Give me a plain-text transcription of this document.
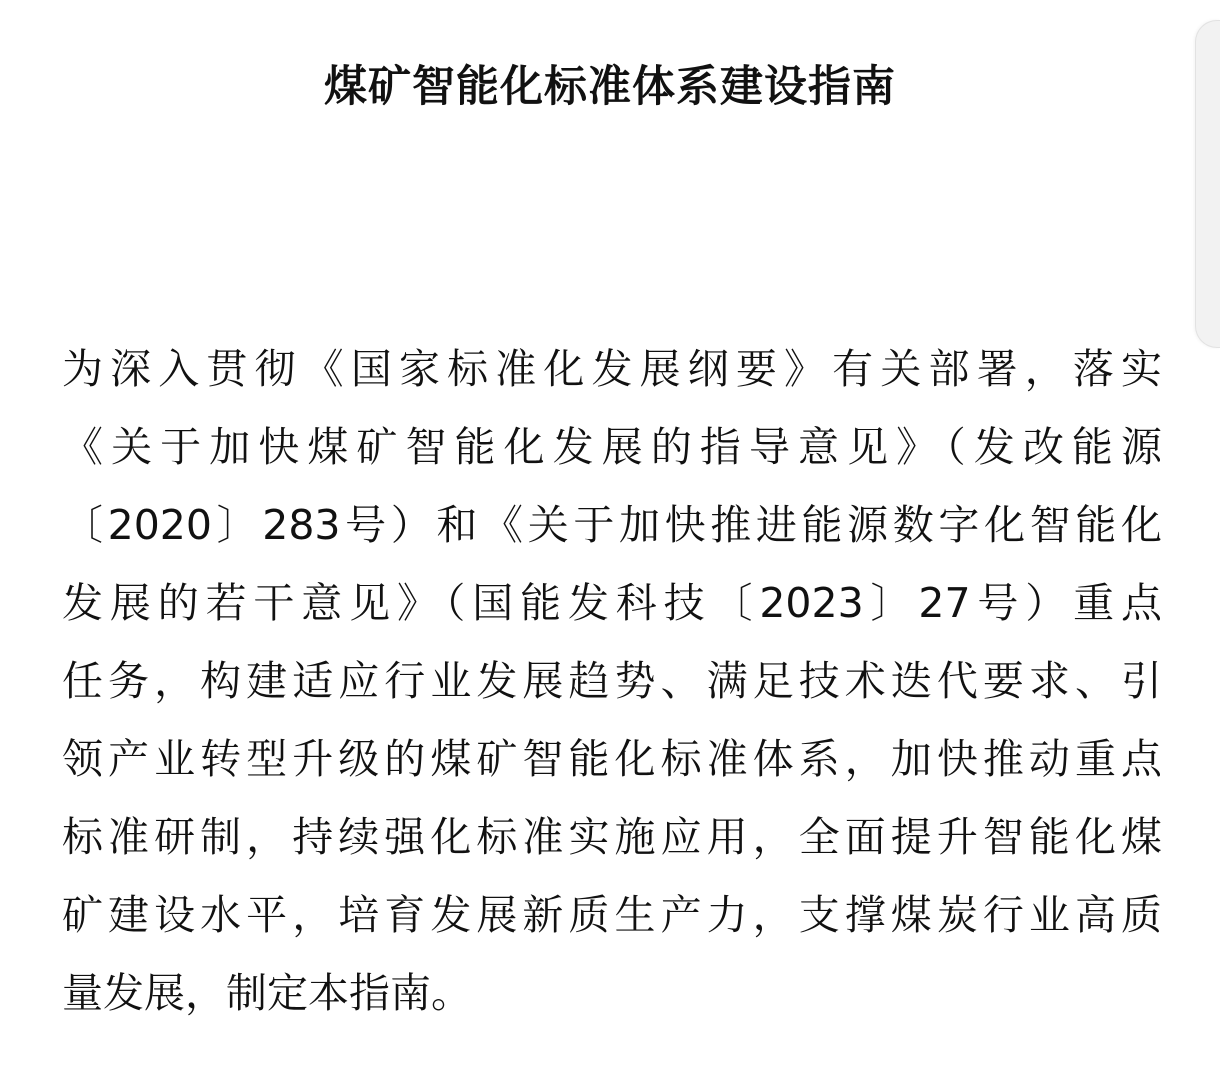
煤矿智能化标准体系建设指南
为深入贯彻《国家标准化发展纲要》有关部署，落实
《关于加快煤矿智能化发展的指导意见》（发改能源
〔2020〕283号）和《关于加快推进能源数字化智能化
发展的若干意见》（国能发科技〔2023〕27号）重点
任务，构建适应行业发展趋势、满足技术迭代要求、引
领产业转型升级的煤矿智能化标准体系，加快推动重点
标准研制，持续强化标准实施应用，全面提升智能化煤
矿建设水平，培育发展新质生产力，支撑煤炭行业高质
量发展，制定本指南。
